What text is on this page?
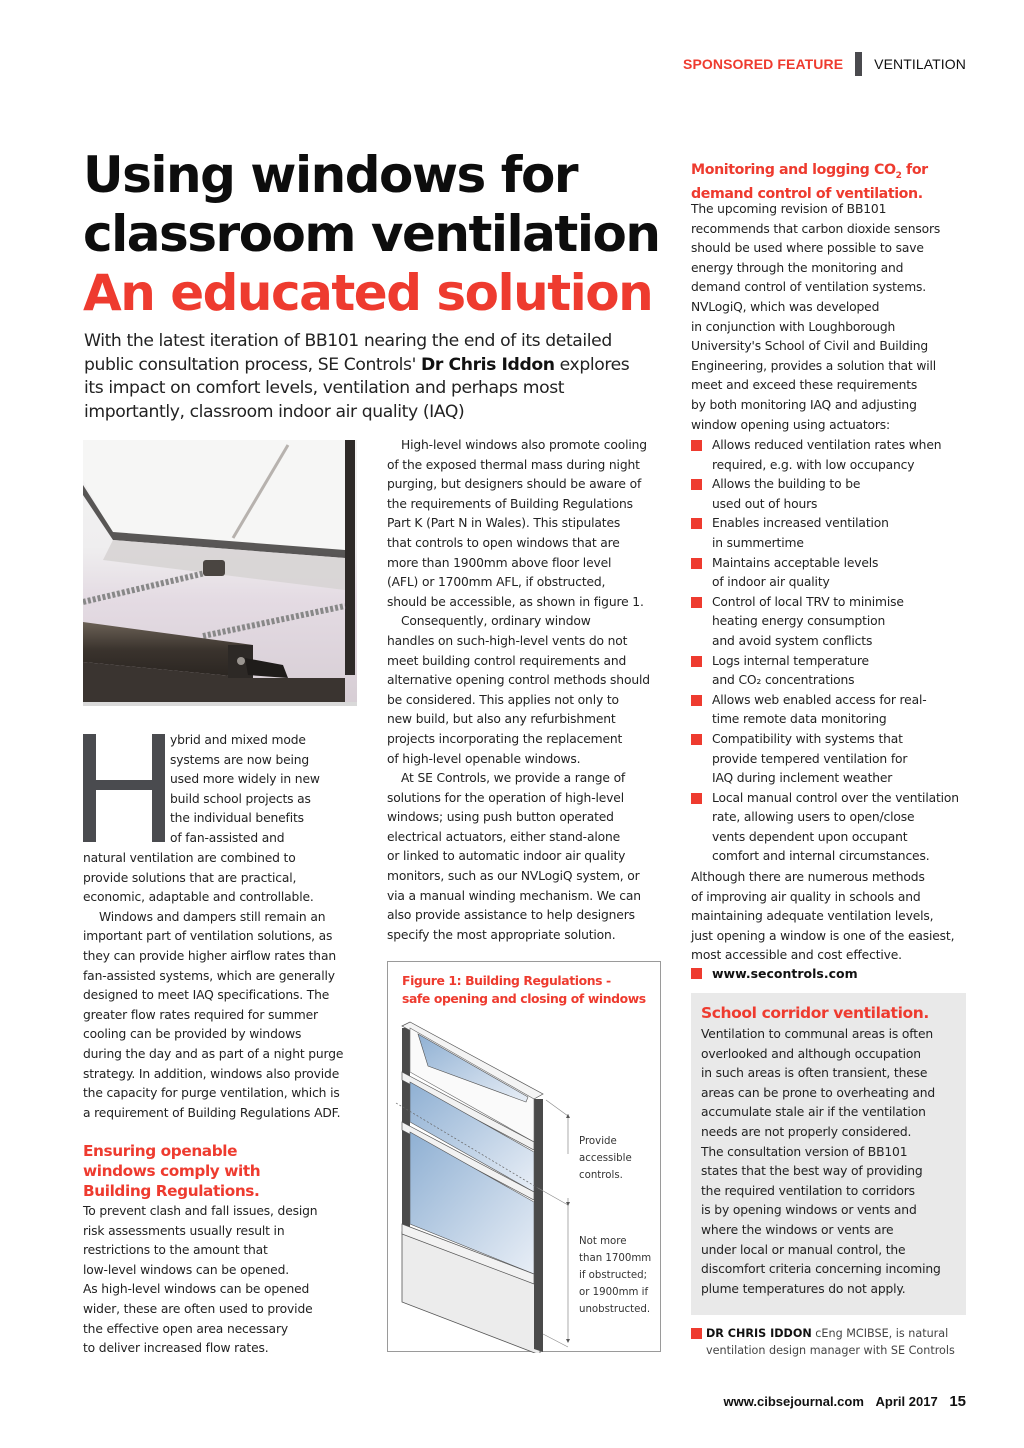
SPONSORED FEATURE VENTILATION
Using windows for
classroom ventilation
An educated solution
With the latest iteration of BB101 nearing the end of its detailed
public consultation process, SE Controls' Dr Chris Iddon explores
its impact on comfort levels, ventilation and perhaps most
importantly, classroom indoor air quality (IAQ)
ybrid and mixed mode
systems are now being
used more widely in new
build school projects as
the individual benefits
of fan-assisted and
natural ventilation are combined to
provide solutions that are practical,
economic, adaptable and controllable.
Windows and dampers still remain an
important part of ventilation solutions, as
they can provide higher airflow rates than
fan-assisted systems, which are generally
designed to meet IAQ specifications. The
greater flow rates required for summer
cooling can be provided by windows
during the day and as part of a night purge
strategy. In addition, windows also provide
the capacity for purge ventilation, which is
a requirement of Building Regulations ADF.
Ensuring openable
windows comply with
Building Regulations.
To prevent clash and fall issues, design
risk assessments usually result in
restrictions to the amount that
low-level windows can be opened.
As high-level windows can be opened
wider, these are often used to provide
the effective open area necessary
to deliver increased flow rates.
High-level windows also promote cooling
of the exposed thermal mass during night
purging, but designers should be aware of
the requirements of Building Regulations
Part K (Part N in Wales). This stipulates
that controls to open windows that are
more than 1900mm above floor level
(AFL) or 1700mm AFL, if obstructed,
should be accessible, as shown in figure 1.
Consequently, ordinary window
handles on such-high-level vents do not
meet building control requirements and
alternative opening control methods should
be considered. This applies not only to
new build, but also any refurbishment
projects incorporating the replacement
of high-level openable windows.
At SE Controls, we provide a range of
solutions for the operation of high-level
windows; using push button operated
electrical actuators, either stand-alone
or linked to automatic indoor air quality
monitors, such as our NVLogiQ system, or
via a manual winding mechanism. We can
also provide assistance to help designers
specify the most appropriate solution.
Figure 1: Building Regulations -
safe opening and closing of windows
Provide
accessible
controls.
Not more
than 1700mm
if obstructed;
or 1900mm if
unobstructed.
Monitoring and logging $CO_2$ for
demand control of ventilation.
The upcoming revision of BB101
recommends that carbon dioxide sensors
should be used where possible to save
energy through the monitoring and
demand control of ventilation systems.
NVLogiQ, which was developed
in conjunction with Loughborough
University's School of Civil and Building
Engineering, provides a solution that will
meet and exceed these requirements
by both monitoring IAQ and adjusting
window opening using actuators:
Allows reduced ventilation rates when
required, e.g. with low occupancy
Allows the building to be
used out of hours
Enables increased ventilation
in summertime
Maintains acceptable levels
of indoor air quality
Control of local TRV to minimise
heating energy consumption
and avoid system conflicts
Logs internal temperature
and CO₂ concentrations
Allows web enabled access for real-
time remote data monitoring
Compatibility with systems that
provide tempered ventilation for
IAQ during inclement weather
Local manual control over the ventilation
rate, allowing users to open/close
vents dependent upon occupant
comfort and internal circumstances.
Although there are numerous methods
of improving air quality in schools and
maintaining adequate ventilation levels,
just opening a window is one of the easiest,
most accessible and cost effective.
www.secontrols.com
School corridor ventilation.
Ventilation to communal areas is often
overlooked and although occupation
in such areas is often transient, these
areas can be prone to overheating and
accumulate stale air if the ventilation
needs are not properly considered.
The consultation version of BB101
states that the best way of providing
the required ventilation to corridors
is by opening windows or vents and
where the windows or vents are
under local or manual control, the
discomfort criteria concerning incoming
plume temperatures do not apply.
DR CHRIS IDDON cEng MCIBSE, is natural
ventilation design manager with SE Controls
www.cibsejournal.com April 2017 15
